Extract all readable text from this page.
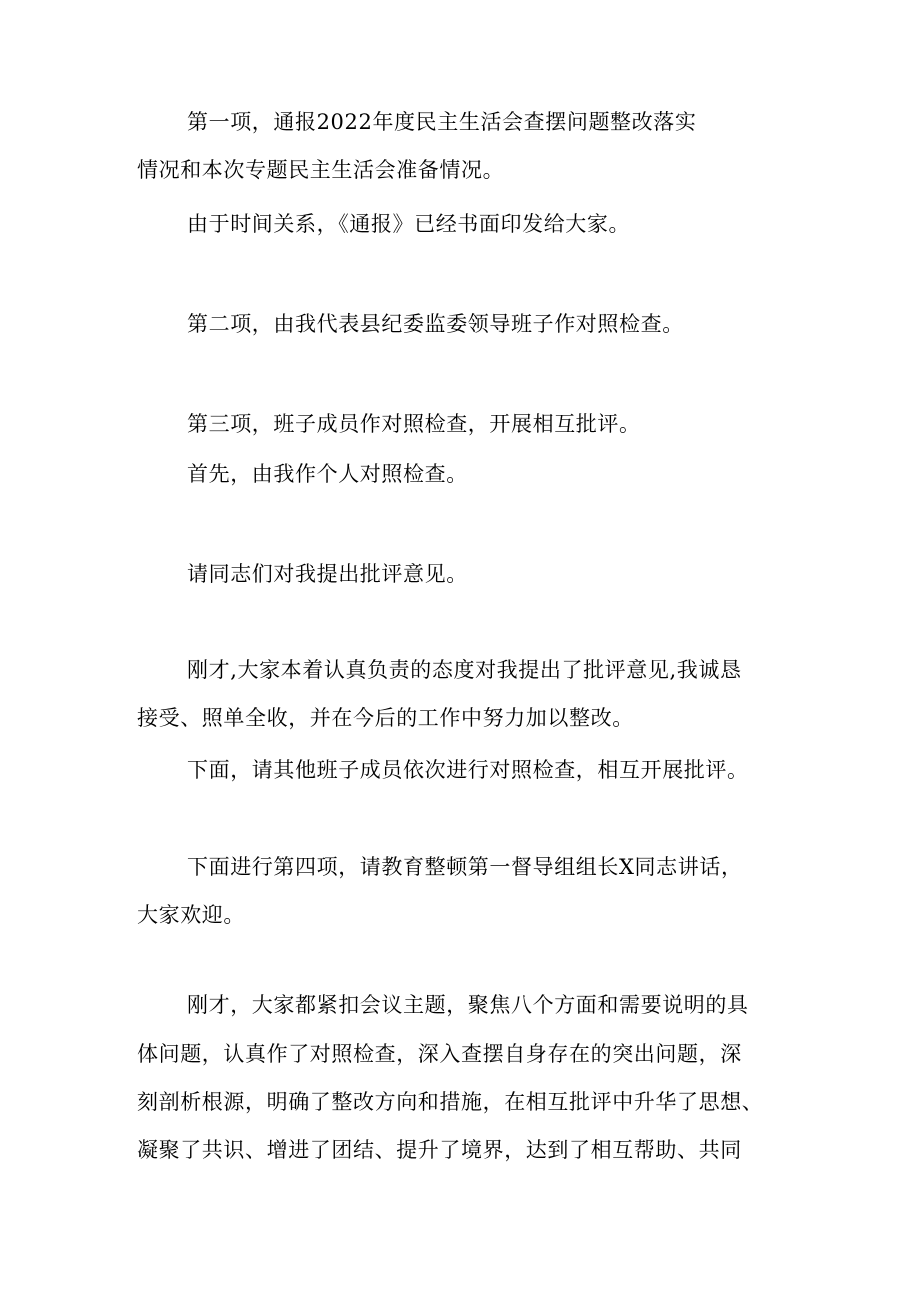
第一项，通报2022年度民主生活会查摆问题整改落实
情况和本次专题民主生活会准备情况。
由于时间关系，《通报》已经书面印发给大家。
第二项，由我代表县纪委监委领导班子作对照检查。
第三项，班子成员作对照检查，开展相互批评。
首先，由我作个人对照检查。
请同志们对我提出批评意见。
刚才,大家本着认真负责的态度对我提出了批评意见,我诚恳
接受、照单全收，并在今后的工作中努力加以整改。
下面，请其他班子成员依次进行对照检查，相互开展批评。
下面进行第四项，请教育整顿第一督导组组长X同志讲话，
大家欢迎。
刚才，大家都紧扣会议主题，聚焦八个方面和需要说明的具
体问题，认真作了对照检查，深入查摆自身存在的突出问题，深
刻剖析根源，明确了整改方向和措施，在相互批评中升华了思想、
凝聚了共识、增进了团结、提升了境界，达到了相互帮助、共同
